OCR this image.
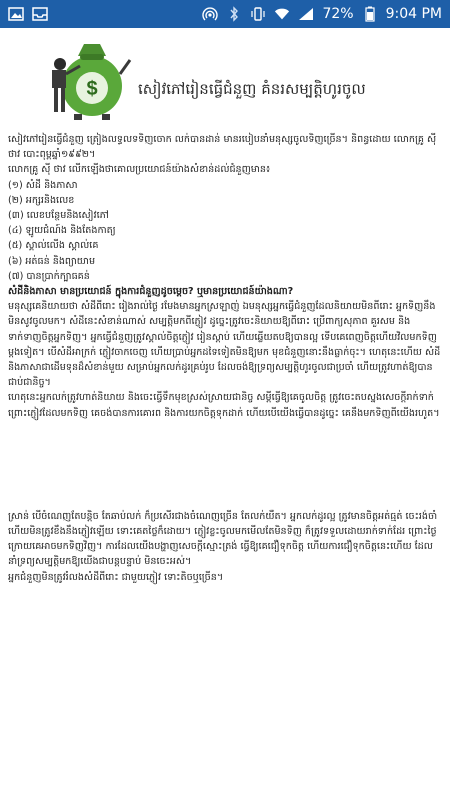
72% 9:04 PM
$	សៀវភៅរៀនធ្វើជំនួញ គំនរសម្បត្តិហូរចូល

សៀវភៅរៀនធ្វើជំនួញ ត្រៀងលទ្ធលទទិញចោក លក់បានដាន់ មានរបៀបនាំមនុស្សចូលទិញច្រើន។ និពន្ធដោយ លោកគ្រូ ស៊ី ថាវ បោះពុម្ពឆ្នាំ១៩៩២។

លោកគ្រូ ស៊ី ថាវ លើកឡើងថាគោលប្រយោជន៍យ៉ាងសំខាន់ដល់ជំនួញមាន៖

(១) សំដី និងភាសា
(២) អក្សរនិងលេខ
(៣) លេខបន្ថែមនិងសៀវភៅ
(៤) ឡូយជំណ៍ង និងតែងកាត្យ
(៥) ស្គាល់លើង ស្គាល់គេ
(៦) អត់ធន់ និងព្យាយាម
(៧) បានប្រាក់ក្បាធគន់

សំដីនិងភាសា មានប្រយោជន៍ ក្នុងការជំនួញដូចម្ដេច? ឬមានប្រយោជន៍យ៉ាងណា?

មនុស្សគេនិយាយថា សំដីពីរោះ រៀងរាល់ថ្ងៃ រមែងមានអ្នកស្រឡាញ់ ឯមនុស្សអ្នកធ្វើជំនួញដែលនិយាយមិនពីរោះ អ្នកទិញនឹងមិនសូវចូលមក។ សំដីនេះសំខាន់ណាស់ សម្បត្តិមកពីភ្ញៀវ ដូច្នេះត្រូវចេះនិយាយឱ្យពីរោះ ប្រើពាក្យសុភាព គួរសម និងទាក់ទាញចិត្តអ្នកទិញ។ អ្នកធ្វើជំនួញត្រូវស្គាល់ចិត្តភ្ញៀវ រៀនស្ដាប់ ហើយឆ្លើយតបឱ្យបានល្អ ទើបគេពេញចិត្តហើយវិលមកទិញម្ដងទៀត។ បើសំដីអាក្រក់ ភ្ញៀវចាកចេញ ហើយប្រាប់អ្នកដទៃទៀតមិនឱ្យមក មុខជំនួញនោះនឹងធ្លាក់ចុះ។ ហេតុនេះហើយ សំដីនិងភាសាជាដើមទុនដ៏សំខាន់មួយ សម្រាប់អ្នកលក់ដូរគ្រប់រូប ដែលចង់ឱ្យទ្រព្យសម្បត្តិហូរចូលជាប្រចាំ ហើយត្រូវហាត់ឱ្យបានជាប់ជានិច្ច។

ហេតុនេះអ្នកលក់ត្រូវហាត់និយាយ និងចេះធ្វើទឹកមុខស្រស់ស្រាយជានិច្ច សម្ដីធ្វើឱ្យគេចូលចិត្ត ត្រូវចេះតបស្នងសេចក្ដីរាក់ទាក់ ព្រោះភ្ញៀវដែលមកទិញ គេចង់បានការគោរព និងការយកចិត្តទុកដាក់ ហើយបើយើងធ្វើបានដូច្នេះ គេនឹងមកទិញពីយើងរហូត។

ស្រាន់ បើចំណេញតែបន្តិច តែឆាប់លក់ ក៏ប្រសើរជាងចំណេញច្រើន តែលក់យឺត។ អ្នកលក់ដូរល្អ ត្រូវមានចិត្តអត់ធ្មត់ ចេះរង់ចាំ ហើយមិនត្រូវខឹងនឹងភ្ញៀវឡើយ ទោះគេតថ្លៃក៏ដោយ។ ភ្ញៀវខ្លះចូលមកមើលតែមិនទិញ ក៏ត្រូវទទួលដោយរាក់ទាក់ដែរ ព្រោះថ្ងៃក្រោយគេអាចមកទិញវិញ។ ការដែលយើងបង្ហាញសេចក្ដីស្មោះត្រង់ ធ្វើឱ្យគេជឿទុកចិត្ត ហើយការជឿទុកចិត្តនេះហើយ ដែលនាំទ្រព្យសម្បត្តិមកឱ្យយើងជាបន្តបន្ទាប់ មិនចេះអស់។

អ្នកជំនួញមិនត្រូវរំលងសំដីពីរោះ ជាមួយភ្ញៀវ ទោះតិចឬច្រើន។
